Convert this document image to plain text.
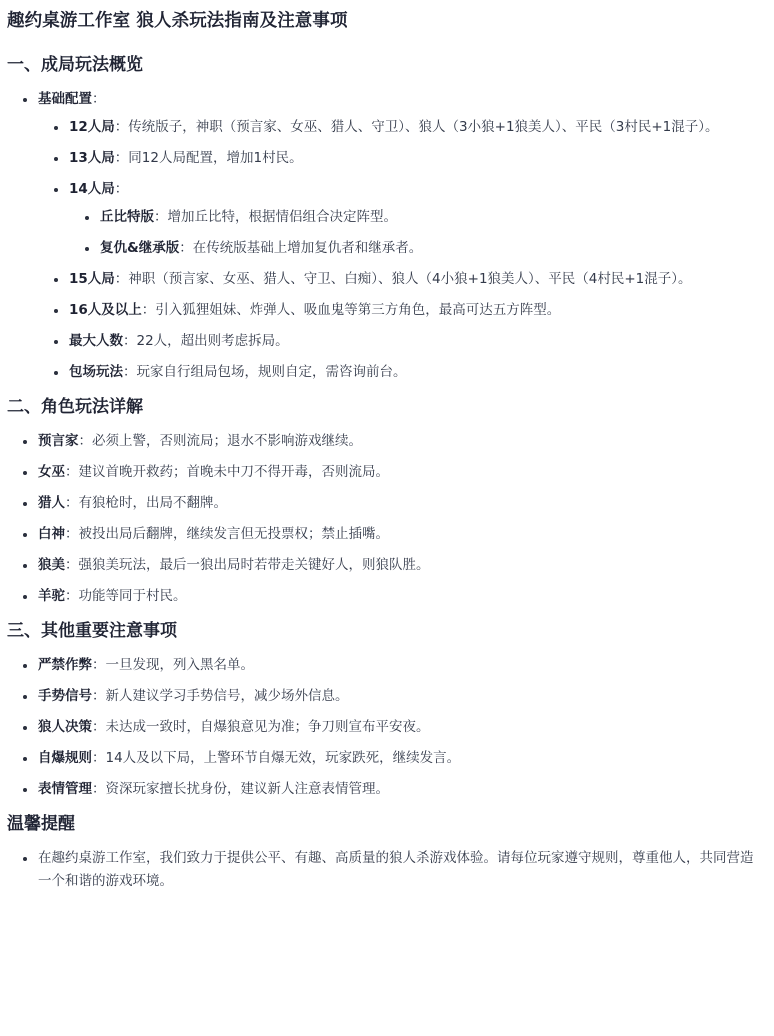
趣约桌游工作室 狼人杀玩法指南及注意事项
一、成局玩法概览
基础配置：
12人局：传统版子，神职（预言家、女巫、猎人、守卫）、狼人（3小狼+1狼美人）、平民（3村民+1混子）。
13人局：同12人局配置，增加1村民。
14人局：
丘比特版：增加丘比特，根据情侣组合决定阵型。
复仇&继承版：在传统版基础上增加复仇者和继承者。
15人局：神职（预言家、女巫、猎人、守卫、白痴）、狼人（4小狼+1狼美人）、平民（4村民+1混子）。
16人及以上：引入狐狸姐妹、炸弹人、吸血鬼等第三方角色，最高可达五方阵型。
最大人数：22人，超出则考虑拆局。
包场玩法：玩家自行组局包场，规则自定，需咨询前台。
二、角色玩法详解
预言家：必须上警，否则流局；退水不影响游戏继续。
女巫：建议首晚开救药；首晚未中刀不得开毒，否则流局。
猎人：有狼枪时，出局不翻牌。
白神：被投出局后翻牌，继续发言但无投票权；禁止插嘴。
狼美：强狼美玩法，最后一狼出局时若带走关键好人，则狼队胜。
羊驼：功能等同于村民。
三、其他重要注意事项
严禁作弊：一旦发现，列入黑名单。
手势信号：新人建议学习手势信号，减少场外信息。
狼人决策：未达成一致时，自爆狼意见为准；争刀则宣布平安夜。
自爆规则：14人及以下局，上警环节自爆无效，玩家跌死，继续发言。
表情管理：资深玩家擅长扰身份，建议新人注意表情管理。
温馨提醒
在趣约桌游工作室，我们致力于提供公平、有趣、高质量的狼人杀游戏体验。请每位玩家遵守规则，尊重他人，共同营造一个和谐的游戏环境。
